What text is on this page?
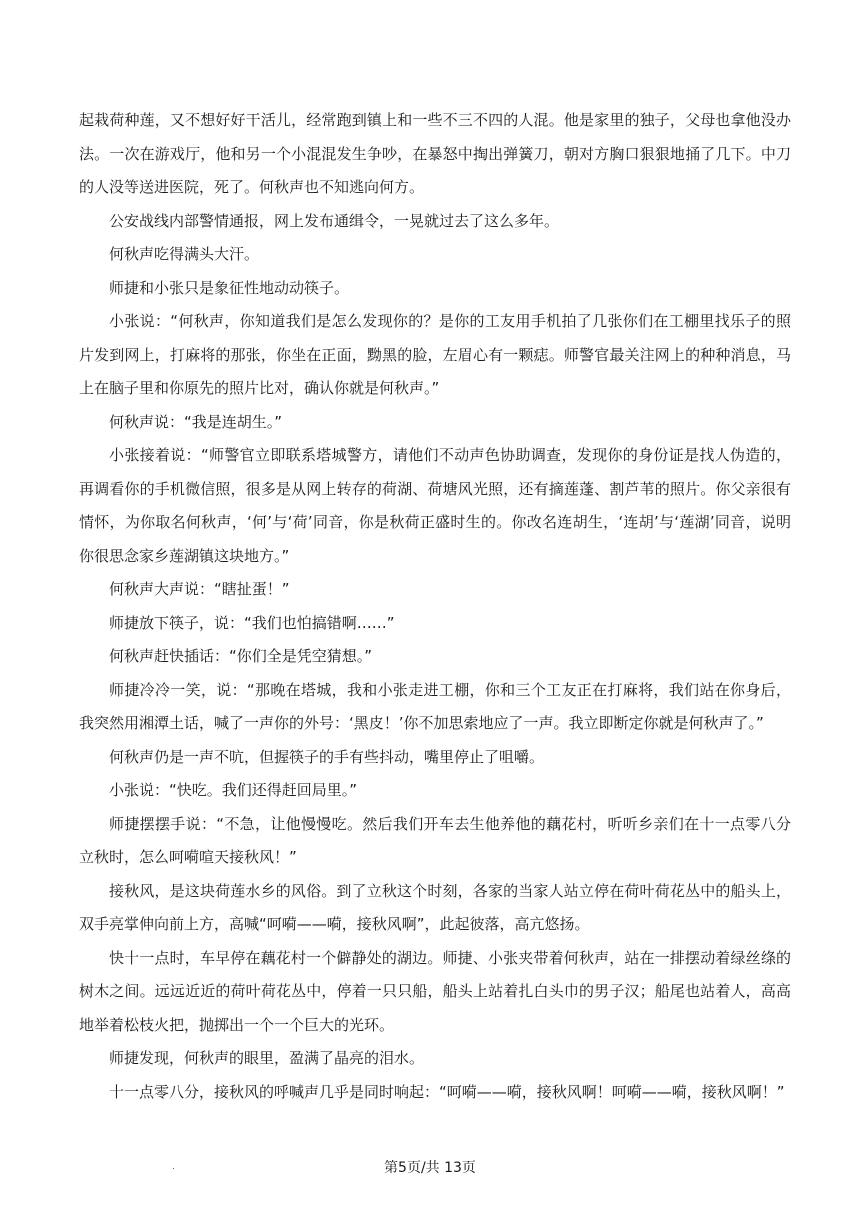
起栽荷种莲，又不想好好干活儿，经常跑到镇上和一些不三不四的人混。他是家里的独子，父母也拿他没办法。一次在游戏厅，他和另一个小混混发生争吵，在暴怒中掏出弹簧刀，朝对方胸口狠狠地捅了几下。中刀的人没等送进医院，死了。何秋声也不知逃向何方。

公安战线内部警情通报，网上发布通缉令，一晃就过去了这么多年。

何秋声吃得满头大汗。

师捷和小张只是象征性地动动筷子。

小张说：“何秋声，你知道我们是怎么发现你的？是你的工友用手机拍了几张你们在工棚里找乐子的照片发到网上，打麻将的那张，你坐在正面，黝黑的脸，左眉心有一颗痣。师警官最关注网上的种种消息，马上在脑子里和你原先的照片比对，确认你就是何秋声。”

何秋声说：“我是连胡生。”

小张接着说：“师警官立即联系塔城警方，请他们不动声色协助调查，发现你的身份证是找人伪造的，再调看你的手机微信照，很多是从网上转存的荷湖、荷塘风光照，还有摘莲蓬、割芦苇的照片。你父亲很有情怀，为你取名何秋声，‘何’与‘荷’同音，你是秋荷正盛时生的。你改名连胡生，‘连胡’与‘莲湖’同音，说明你很思念家乡莲湖镇这块地方。”

何秋声大声说：“瞎扯蛋！”

师捷放下筷子，说：“我们也怕搞错啊……”

何秋声赶快插话：“你们全是凭空猜想。”

师捷冷冷一笑，说：“那晚在塔城，我和小张走进工棚，你和三个工友正在打麻将，我们站在你身后，我突然用湘潭土话，喊了一声你的外号：‘黑皮！’你不加思索地应了一声。我立即断定你就是何秋声了。”

何秋声仍是一声不吭，但握筷子的手有些抖动，嘴里停止了咀嚼。

小张说：“快吃。我们还得赶回局里。”

师捷摆摆手说：“不急，让他慢慢吃。然后我们开车去生他养他的藕花村，听听乡亲们在十一点零八分立秋时，怎么呵嗬喧天接秋风！”

接秋风，是这块荷莲水乡的风俗。到了立秋这个时刻，各家的当家人站立停在荷叶荷花丛中的船头上，双手亮掌伸向前上方，高喊“呵嗬——嗬，接秋风啊”，此起彼落，高亢悠扬。

快十一点时，车早停在藕花村一个僻静处的湖边。师捷、小张夹带着何秋声，站在一排摆动着绿丝绦的树木之间。远远近近的荷叶荷花丛中，停着一只只船，船头上站着扎白头巾的男子汉；船尾也站着人，高高地举着松枝火把，抛掷出一个一个巨大的光环。

师捷发现，何秋声的眼里，盈满了晶亮的泪水。

十一点零八分，接秋风的呼喊声几乎是同时响起：“呵嗬——嗬，接秋风啊！呵嗬——嗬，接秋风啊！”

.	第5页/共 13页
